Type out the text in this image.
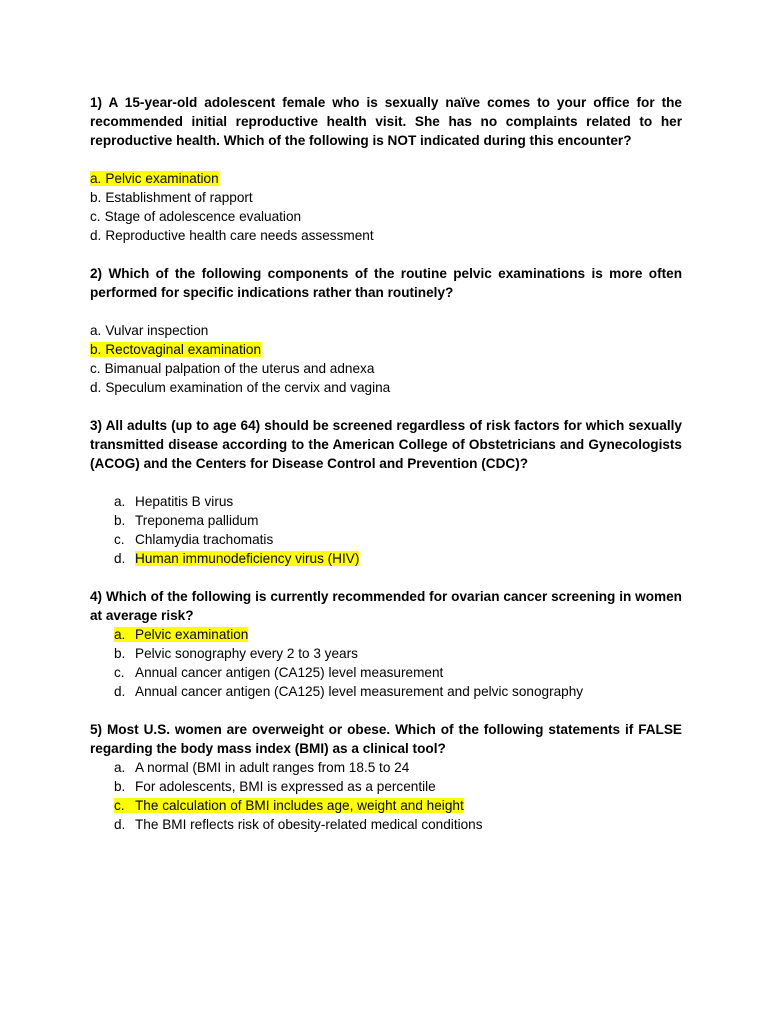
1) A 15-year-old adolescent female who is sexually naïve comes to your office for the recommended initial reproductive health visit. She has no complaints related to her reproductive health. Which of the following is NOT indicated during this encounter?

a. Pelvic examination
b. Establishment of rapport
c. Stage of adolescence evaluation
d. Reproductive health care needs assessment

2) Which of the following components of the routine pelvic examinations is more often performed for specific indications rather than routinely?

a. Vulvar inspection
b. Rectovaginal examination
c. Bimanual palpation of the uterus and adnexa
d. Speculum examination of the cervix and vagina

3) All adults (up to age 64) should be screened regardless of risk factors for which sexually transmitted disease according to the American College of Obstetricians and Gynecologists (ACOG) and the Centers for Disease Control and Prevention (CDC)?

a. Hepatitis B virus
b. Treponema pallidum
c. Chlamydia trachomatis
d. Human immunodeficiency virus (HIV)

4) Which of the following is currently recommended for ovarian cancer screening in women at average risk?

a. Pelvic examination
b. Pelvic sonography every 2 to 3 years
c. Annual cancer antigen (CA125) level measurement
d. Annual cancer antigen (CA125) level measurement and pelvic sonography

5) Most U.S. women are overweight or obese. Which of the following statements if FALSE regarding the body mass index (BMI) as a clinical tool?

a. A normal (BMI in adult ranges from 18.5 to 24
b. For adolescents, BMI is expressed as a percentile
c. The calculation of BMI includes age, weight and height
d. The BMI reflects risk of obesity-related medical conditions
